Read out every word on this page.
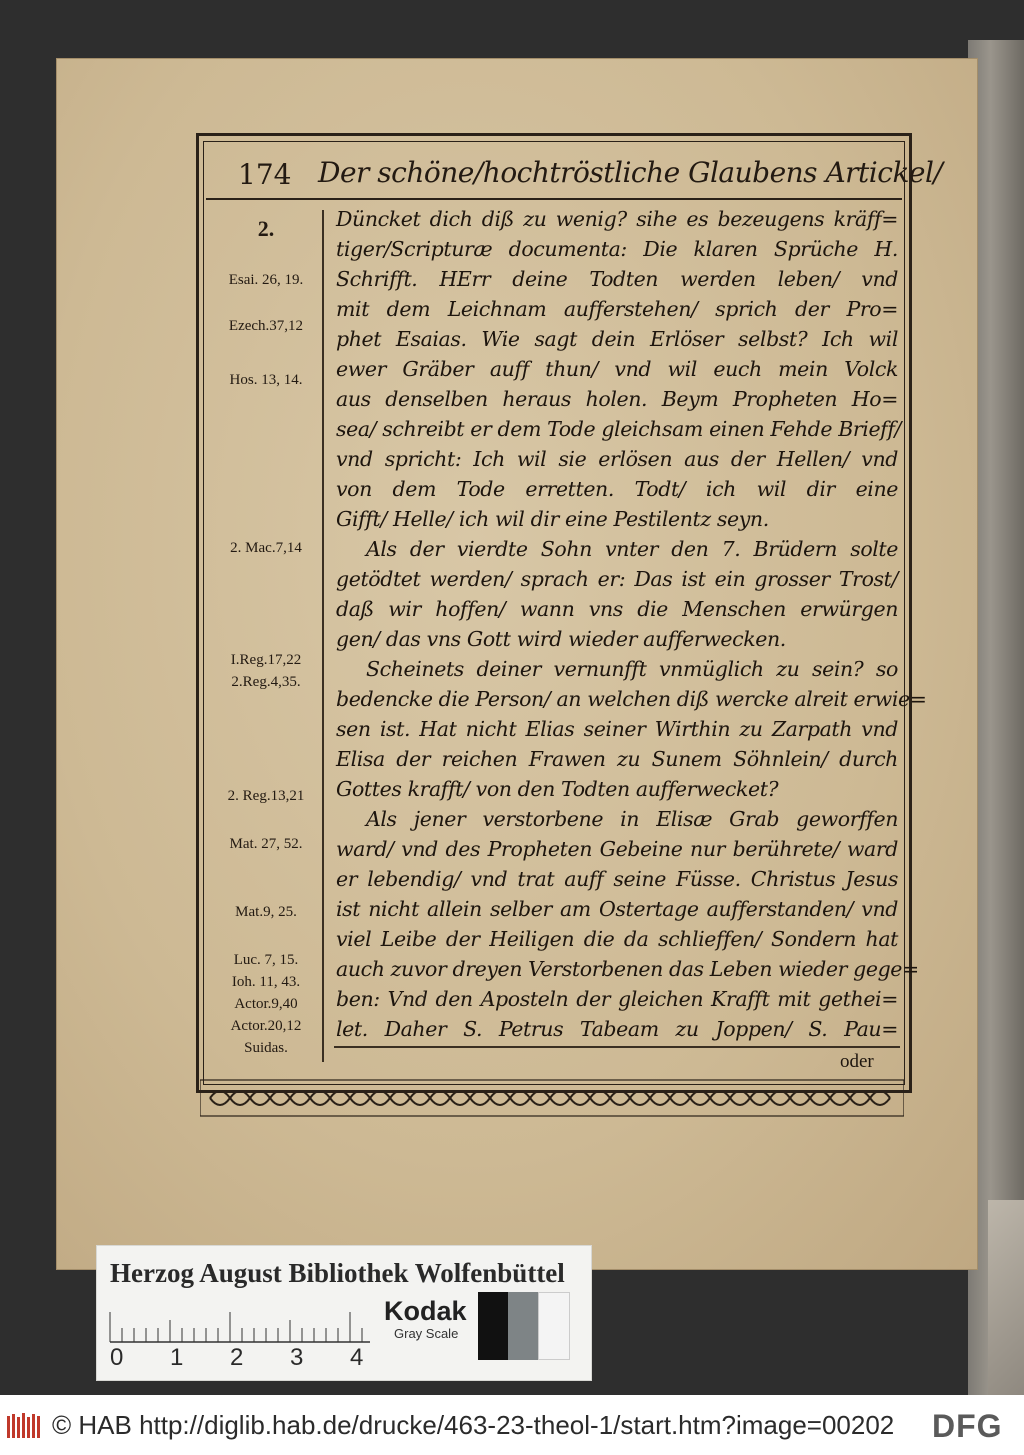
174 Der schöne/hochtröstliche Glaubens Artickel/
2.
Esai. 26, 19.
Ezech.37,12
Hos. 13, 14.
2. Mac.7,14
I.Reg.17,22
2.Reg.4,35.
2. Reg.13,21
Mat. 27, 52.
Mat.9, 25.
Luc. 7, 15.
Ioh. 11, 43.
Actor.9,40
Actor.20,12
Suidas.
Düncket dich diß zu wenig? sihe es bezeugens kräff=
tiger/Scripturæ documenta: Die klaren Sprüche H.
Schrifft. HErr deine Todten werden leben/ vnd
mit dem Leichnam aufferstehen/ sprich der Pro=
phet Esaias. Wie sagt dein Erlöser selbst? Ich wil
ewer Gräber auff thun/ vnd wil euch mein Volck
aus denselben heraus holen. Beym Propheten Ho=
sea/ schreibt er dem Tode gleichsam einen Fehde Brieff/
vnd spricht: Ich wil sie erlösen aus der Hellen/ vnd
von dem Tode erretten. Todt/ ich wil dir eine
Gifft/ Helle/ ich wil dir eine Pestilentz seyn.
Als der vierdte Sohn vnter den 7. Brüdern solte
getödtet werden/ sprach er: Das ist ein grosser Trost/
daß wir hoffen/ wann vns die Menschen erwürgen
gen/ das vns Gott wird wieder aufferwecken.
Scheinets deiner vernunfft vnmüglich zu sein? so
bedencke die Person/ an welchen diß wercke alreit erwie=
sen ist. Hat nicht Elias seiner Wirthin zu Zarpath vnd
Elisa der reichen Frawen zu Sunem Söhnlein/ durch
Gottes krafft/ von den Todten aufferwecket?
Als jener verstorbene in Elisæ Grab geworffen
ward/ vnd des Propheten Gebeine nur berührete/ ward
er lebendig/ vnd trat auff seine Füsse. Christus Jesus
ist nicht allein selber am Ostertage aufferstanden/ vnd
viel Leibe der Heiligen die da schlieffen/ Sondern hat
auch zuvor dreyen Verstorbenen das Leben wieder gege=
ben: Vnd den Aposteln der gleichen Krafft mit gethei=
let. Daher S. Petrus Tabeam zu Joppen/ S. Pau=
oder
Herzog August Bibliothek Wolfenbüttel
0 1 2 3 4
Kodak
Gray Scale
© HAB http://diglib.hab.de/drucke/463-23-theol-1/start.htm?image=00202 DFG
